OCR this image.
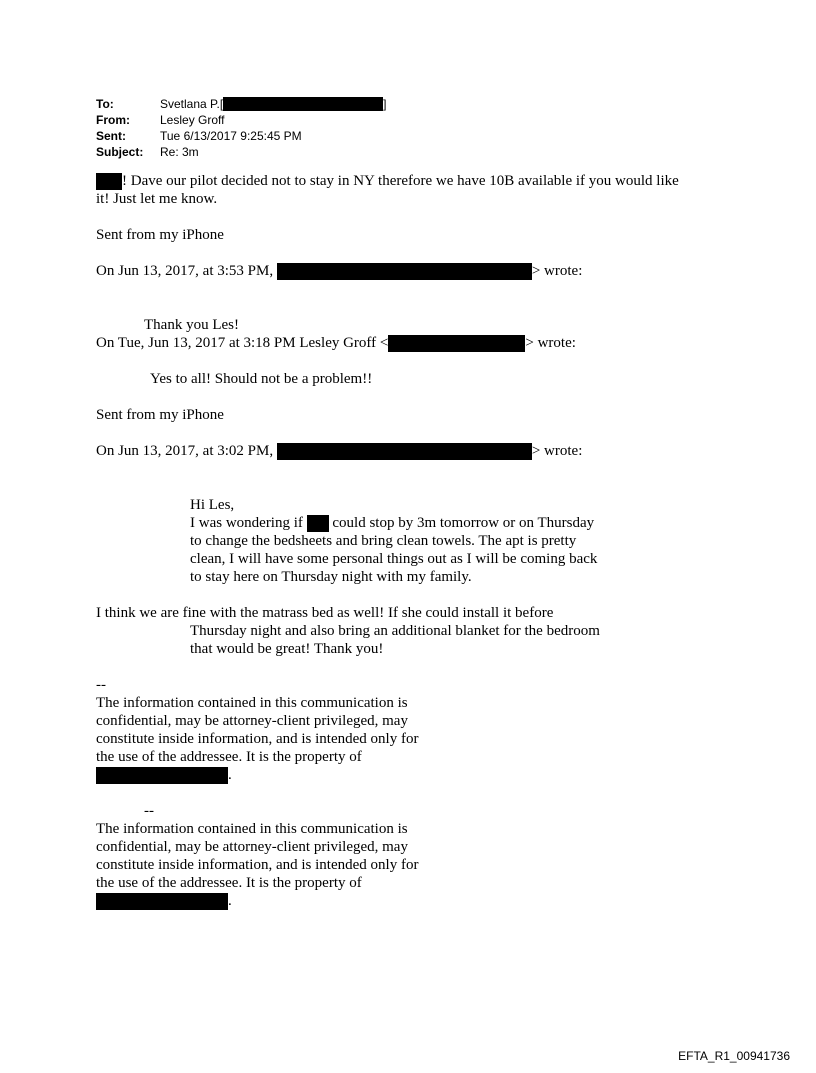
To:	Svetlana P.[	]
From:	Lesley Groff
Sent:	Tue 6/13/2017 9:25:45 PM
Subject:	Re: 3m

! Dave our pilot decided not to stay in NY therefore we have 10B available if you would like

it! Just let me know.

Sent from my iPhone

On Jun 13, 2017, at 3:53 PM,	> wrote:

Thank you Les!

On Tue, Jun 13, 2017 at 3:18 PM Lesley Groff <	> wrote:

Yes to all! Should not be a problem!!

Sent from my iPhone

On Jun 13, 2017, at 3:02 PM,	> wrote:

Hi Les,

I was wondering if could stop by 3m tomorrow or on Thursday

to change the bedsheets and bring clean towels. The apt is pretty

clean, I will have some personal things out as I will be coming back

to stay here on Thursday night with my family.

I think we are fine with the matrass bed as well! If she could install it before

Thursday night and also bring an additional blanket for the bedroom

that would be great! Thank you!

--

The information contained in this communication is

confidential, may be attorney-client privileged, may

constitute inside information, and is intended only for

the use of the addressee. It is the property of

.

--

The information contained in this communication is

confidential, may be attorney-client privileged, may

constitute inside information, and is intended only for

the use of the addressee. It is the property of

.

EFTA_R1_00941736
